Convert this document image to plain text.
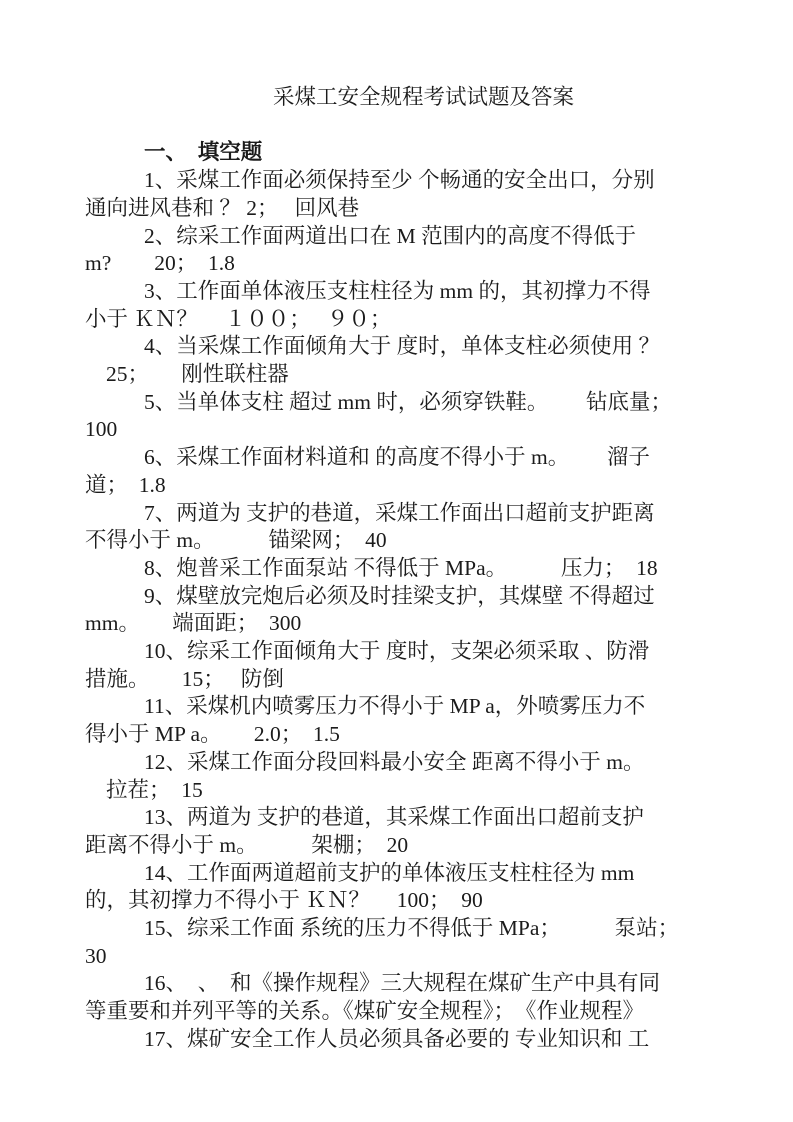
采煤工安全规程考试试题及答案

一、　填空题

1、采煤工作面必须保持至少 个畅通的安全出口，分别
通向进风巷和 ？ 2；　 回风巷
2、综采工作面两道出口在 M 范围内的高度不得低于
m?　　20；　1.8
3、工作面单体液压支柱柱径为 mm 的，其初撑力不得
小于 ＫＮ？　 １００；　 ９０；
4、当采煤工作面倾角大于 度时，单体支柱必须使用 ？
25；　　刚性联柱器
5、当单体支柱 超过 mm 时，必须穿铁鞋。　　 钻底量；
100
6、采煤工作面材料道和 的高度不得小于 m。　　 溜子
道；　1.8
7、两道为 支护的巷道，采煤工作面出口超前支护距离
不得小于 m。　　　锚梁网；　40
8、炮普采工作面泵站 不得低于 MPa。　　　压力；　18
9、煤壁放完炮后必须及时挂梁支护，其煤壁 不得超过
mm。　　端面距；　300
10、综采工作面倾角大于 度时，支架必须采取 、防滑
措施。　　15；　 防倒
11、采煤机内喷雾压力不得小于 MP a，外喷雾压力不
得小于 MP a。　　2.0；　1.5
12、采煤工作面分段回料最小安全 距离不得小于 m。
拉茬；　15
13、两道为 支护的巷道，其采煤工作面出口超前支护
距离不得小于 m。　　　架棚；　20
14、工作面两道超前支护的单体液压支柱柱径为 mm
的，其初撑力不得小于 ＫＮ？　 100；　90
15、综采工作面 系统的压力不得低于 MPa；　　　泵站；
30
16、　、　和《操作规程》三大规程在煤矿生产中具有同
等重要和并列平等的关系。《煤矿安全规程》；　《作业规程》
17、煤矿安全工作人员必须具备必要的 专业知识和 工
